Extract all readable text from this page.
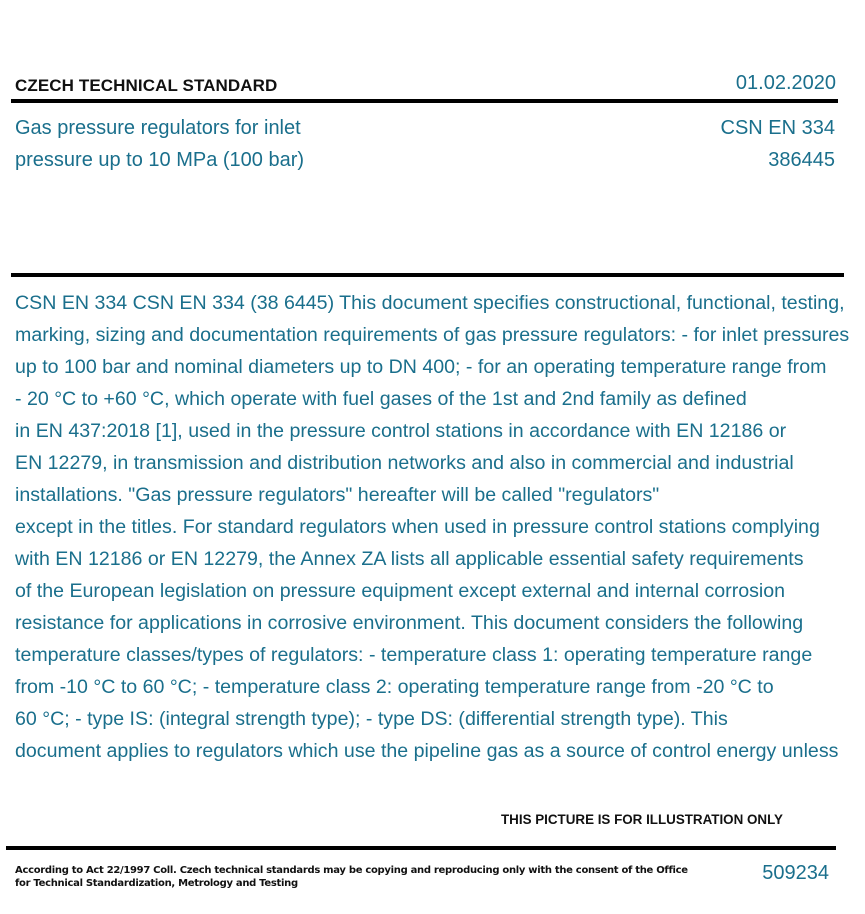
CZECH TECHNICAL STANDARD	01.02.2020
Gas pressure regulators for inlet
pressure up to 10 MPa (100 bar)
CSN EN 334
386445
CSN EN 334 CSN EN 334 (38 6445) This document specifies constructional, functional, testing,
marking, sizing and documentation requirements of gas pressure regulators: - for inlet pressures
up to 100 bar and nominal diameters up to DN 400; - for an operating temperature range from
- 20 °C to +60 °C, which operate with fuel gases of the 1st and 2nd family as defined
in EN 437:2018 [1], used in the pressure control stations in accordance with EN 12186 or
EN 12279, in transmission and distribution networks and also in commercial and industrial
installations. "Gas pressure regulators" hereafter will be called "regulators"
except in the titles. For standard regulators when used in pressure control stations complying
with EN 12186 or EN 12279, the Annex ZA lists all applicable essential safety requirements
of the European legislation on pressure equipment except external and internal corrosion
resistance for applications in corrosive environment. This document considers the following
temperature classes/types of regulators: - temperature class 1: operating temperature range
from -10 °C to 60 °C; - temperature class 2: operating temperature range from -20 °C to
60 °C; - type IS: (integral strength type); - type DS: (differential strength type). This
document applies to regulators which use the pipeline gas as a source of control energy unless
THIS PICTURE IS FOR ILLUSTRATION ONLY
According to Act 22/1997 Coll. Czech technical standards may be copying and reproducing only with the consent of the Office
for Technical Standardization, Metrology and Testing	509234
